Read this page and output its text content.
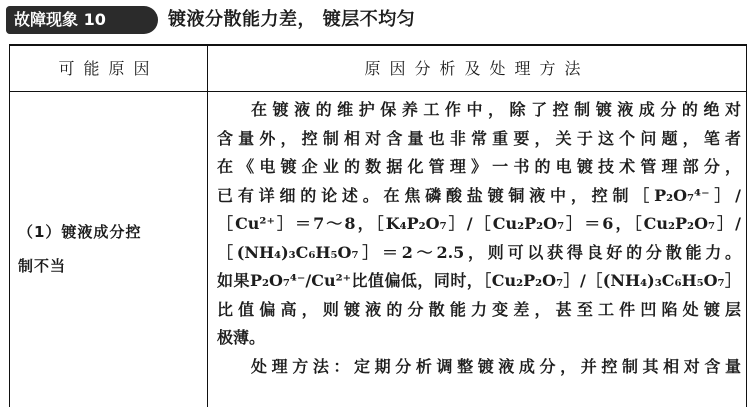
故障现象 10	镀液分散能力差， 镀层不均匀
可能原因	原因分析及处理方法
（1）镀液成分控
制不当
在镀液的维护保养工作中，除了控制镀液成分的绝对
含量外，控制相对含量也非常重要，关于这个问题，笔者
在《电镀企业的数据化管理》一书的电镀技术管理部分，
已有详细的论述。在焦磷酸盐镀铜液中，控制［P₂O₇⁴⁻］/
［Cu²⁺］＝7～8，［K₄P₂O₇］/［Cu₂P₂O₇］＝6，［Cu₂P₂O₇］/
［(NH₄)₃C₆H₅O₇］＝2～2.5，则可以获得良好的分散能力。
如果P₂O₇⁴⁻/Cu²⁺比值偏低，同时，［Cu₂P₂O₇］/［(NH₄)₃C₆H₅O₇］
比值偏高，则镀液的分散能力变差，甚至工件凹陷处镀层
极薄。
处理方法：定期分析调整镀液成分，并控制其相对含量
